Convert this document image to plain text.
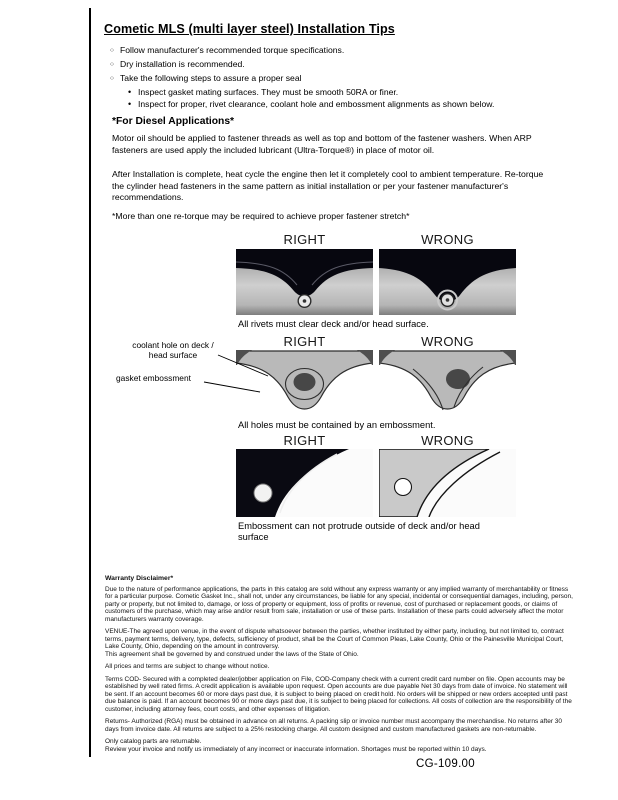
Cometic MLS (multi layer steel) Installation Tips
○
Follow manufacturer's recommended torque specifications.
○
Dry installation is recommended.
○
Take the following steps to assure a proper seal
•
Inspect gasket mating surfaces. They must be smooth 50RA or finer.
•
Inspect for proper, rivet clearance, coolant hole and embossment alignments as shown below.
*For Diesel Applications*

Motor oil should be applied to fastener threads as well as top and bottom of the fastener washers. When ARP fasteners are used apply the included lubricant (Ultra-Torque®) in place of motor oil.

After Installation is complete, heat cycle the engine then let it completely cool to ambient temperature. Re-torque the cylinder head fasteners in the same pattern as initial installation or per your fastener manufacturer's recommendations.

*More than one re-torque may be required to achieve proper fastener stretch*

RIGHT	WRONG
All rivets must clear deck and/or head surface.
RIGHT	WRONG
coolant hole on deck / head surface
gasket embossment
All holes must be contained by an embossment.
RIGHT	WRONG
Embossment can not protrude outside of deck and/or head surface

Warranty Disclaimer*

Due to the nature of performance applications, the parts in this catalog are sold without any express warranty or any implied warranty of merchantability or fitness for a particular purpose. Cometic Gasket Inc., shall not, under any circumstances, be liable for any special, incidental or consequential damages, including, person, party or property, but not limited to, damage, or loss of property or equipment, loss of profits or revenue, cost of purchased or replacement goods, or claims of customers of the purchase, which may arise and/or result from sale, installation or use of these parts. Installation of these parts could adversely affect the motor manufacturers warranty coverage.

VENUE-The agreed upon venue, in the event of dispute whatsoever between the parties, whether instituted by either party, including, but not limited to, contract terms, payment terms, delivery, type, defects, sufficiency of product, shall be the Court of Common Pleas, Lake County, Ohio or the Painesville Municipal Court, Lake County, Ohio, depending on the amount in controversy.

This agreement shall be governed by and construed under the laws of the State of Ohio.

All prices and terms are subject to change without notice.

Terms COD- Secured with a completed dealer/jobber application on File, COD-Company check with a current credit card number on file. Open accounts may be established by well rated firms. A credit application is available upon request. Open accounts are due payable Net 30 days from date of invoice. No statement will be sent. If an account becomes 60 or more days past due, it is subject to being placed on credit hold. No orders will be shipped or new orders accepted until past due balance is paid. If an account becomes 90 or more days past due, it is subject to being placed for collections. All costs of collection are the responsibility of the customer, including attorney fees, court costs, and other expenses of litigation.

Returns- Authorized (RGA) must be obtained in advance on all returns. A packing slip or invoice number must accompany the merchandise. No returns after 30 days from invoice date. All returns are subject to a 25% restocking charge. All custom designed and custom manufactured gaskets are non-returnable.

Only catalog parts are returnable.

Review your invoice and notify us immediately of any incorrect or inaccurate information. Shortages must be reported within 10 days.

CG-109.00
